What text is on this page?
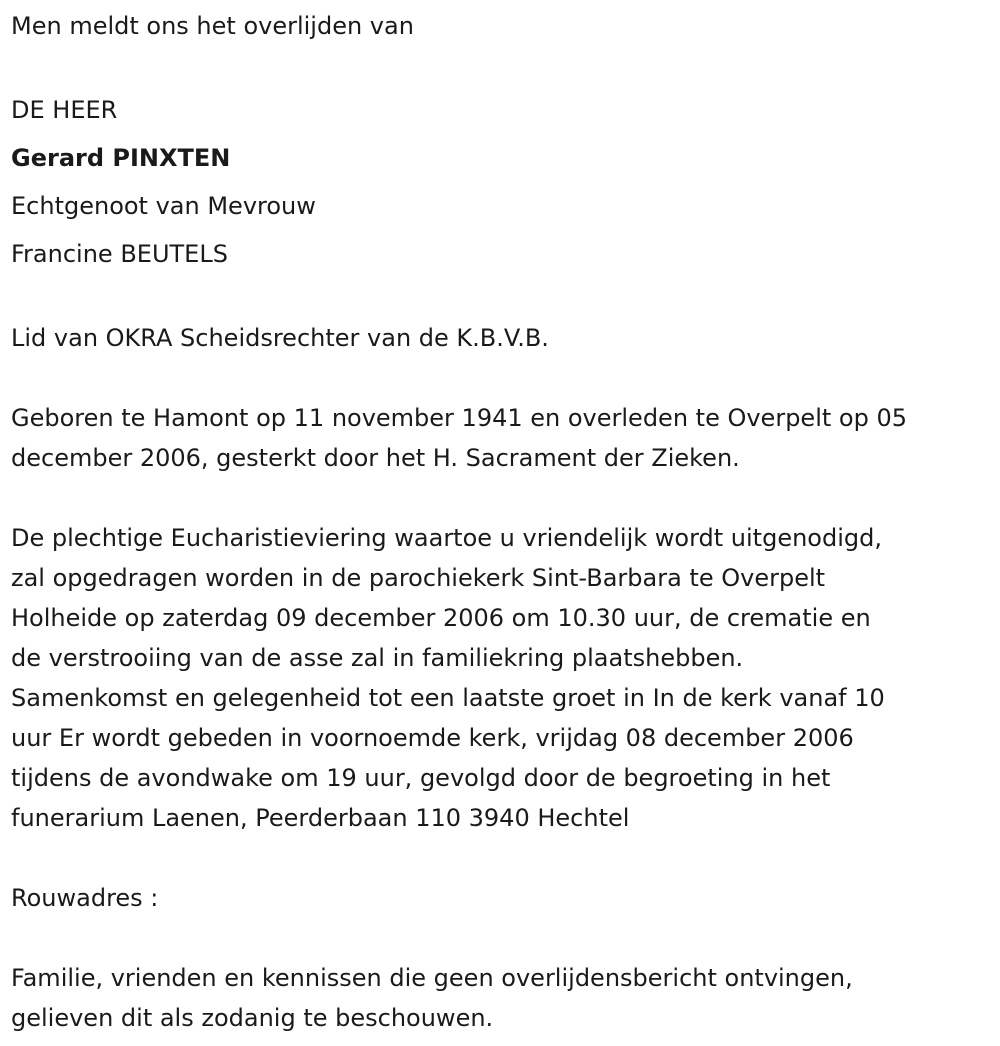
Men meldt ons het overlijden van

DE HEER

Gerard PINXTEN

Echtgenoot van Mevrouw

Francine BEUTELS

Lid van OKRA Scheidsrechter van de K.B.V.B.

Geboren te Hamont op 11 november 1941 en overleden te Overpelt op 05

december 2006, gesterkt door het H. Sacrament der Zieken.

De plechtige Eucharistieviering waartoe u vriendelijk wordt uitgenodigd,

zal opgedragen worden in de parochiekerk Sint-Barbara te Overpelt

Holheide op zaterdag 09 december 2006 om 10.30 uur, de crematie en

de verstrooiing van de asse zal in familiekring plaatshebben.

Samenkomst en gelegenheid tot een laatste groet in In de kerk vanaf 10

uur Er wordt gebeden in voornoemde kerk, vrijdag 08 december 2006

tijdens de avondwake om 19 uur, gevolgd door de begroeting in het

funerarium Laenen, Peerderbaan 110 3940 Hechtel

Rouwadres :

Familie, vrienden en kennissen die geen overlijdensbericht ontvingen,

gelieven dit als zodanig te beschouwen.
